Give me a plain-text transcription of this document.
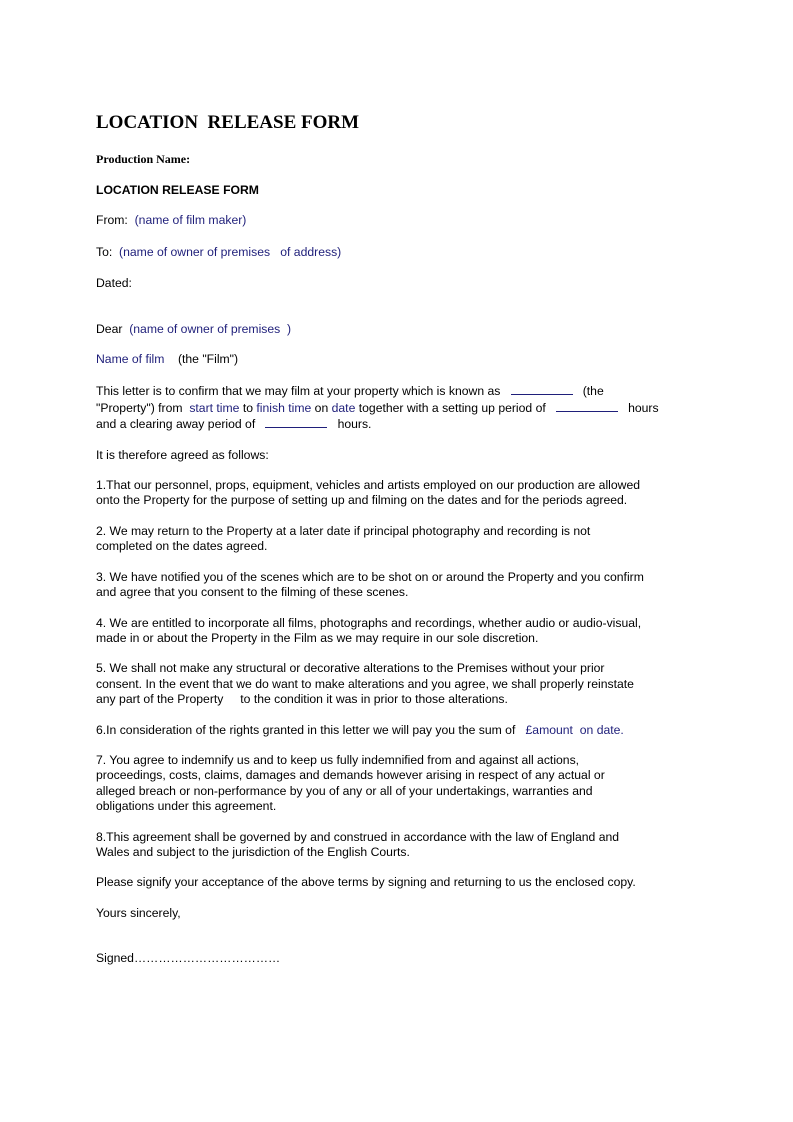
LOCATION  RELEASE FORM
Production Name:

LOCATION RELEASE FORM

From: (name of film maker)

To: (name of owner of premises   of address)

Dated:

Dear (name of owner of premises  )

Name of film (the "Film")

This letter is to confirm that we may film at your property which is known as	(the

"Property") from start time to finish time on date together with a setting up period of	hours

and a clearing away period of	hours.

It is therefore agreed as follows:

1.That our personnel, props, equipment, vehicles and artists employed on our production are allowed

onto the Property for the purpose of setting up and filming on the dates and for the periods agreed.

2. We may return to the Property at a later date if principal photography and recording is not

completed on the dates agreed.

3. We have notified you of the scenes which are to be shot on or around the Property and you confirm

and agree that you consent to the filming of these scenes.

4. We are entitled to incorporate all films, photographs and recordings, whether audio or audio-visual,

made in or about the Property in the Film as we may require in our sole discretion.

5. We shall not make any structural or decorative alterations to the Premises without your prior

consent. In the event that we do want to make alterations and you agree, we shall properly reinstate

any part of the Property     to the condition it was in prior to those alterations.

6.In consideration of the rights granted in this letter we will pay you the sum of £amount on date.

7. You agree to indemnify us and to keep us fully indemnified from and against all actions,

proceedings, costs, claims, damages and demands however arising in respect of any actual or

alleged breach or non-performance by you of any or all of your undertakings, warranties and

obligations under this agreement.

8.This agreement shall be governed by and construed in accordance with the law of England and

Wales and subject to the jurisdiction of the English Courts.

Please signify your acceptance of the above terms by signing and returning to us the enclosed copy.

Yours sincerely,

Signed………………………………
